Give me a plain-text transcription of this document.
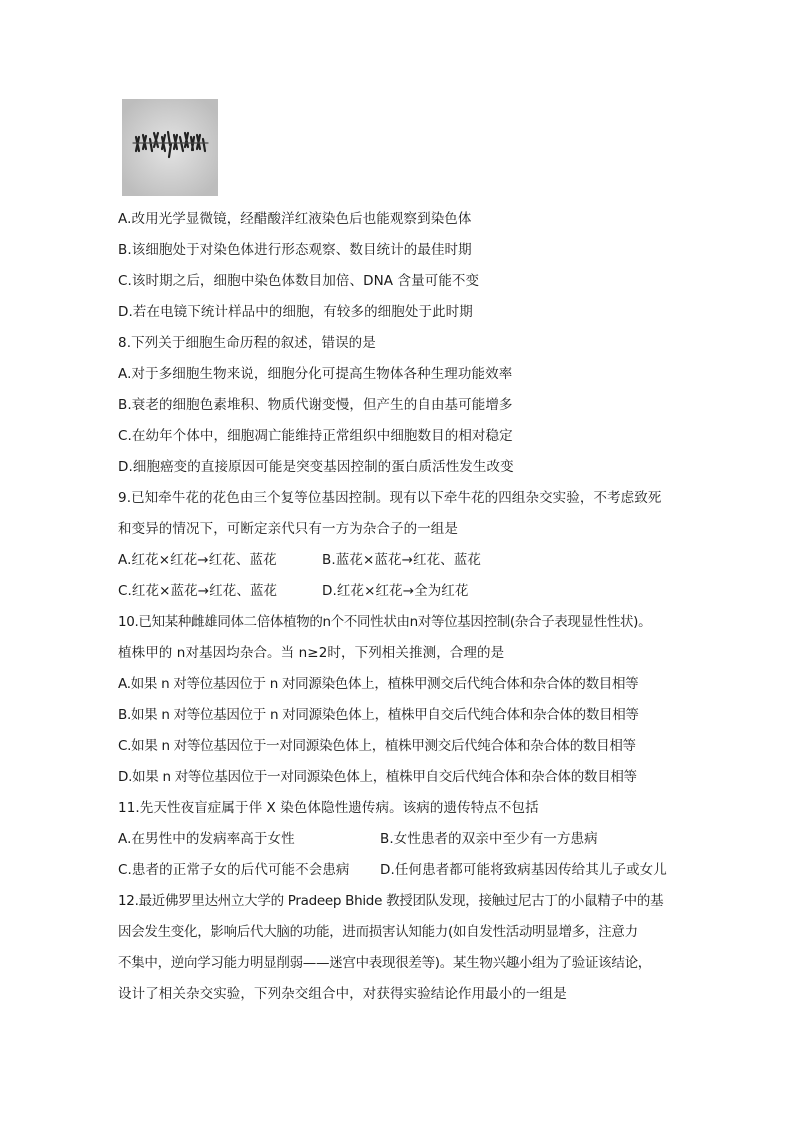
A.改用光学显微镜，经醋酸洋红液染色后也能观察到染色体
B.该细胞处于对染色体进行形态观察、数目统计的最佳时期
C.该时期之后，细胞中染色体数目加倍、DNA 含量可能不变
D.若在电镜下统计样品中的细胞，有较多的细胞处于此时期
8.下列关于细胞生命历程的叙述，错误的是
A.对于多细胞生物来说，细胞分化可提高生物体各种生理功能效率
B.衰老的细胞色素堆积、物质代谢变慢，但产生的自由基可能增多
C.在幼年个体中，细胞凋亡能维持正常组织中细胞数目的相对稳定
D.细胞癌变的直接原因可能是突变基因控制的蛋白质活性发生改变
9.已知牵牛花的花色由三个复等位基因控制。现有以下牵牛花的四组杂交实验，不考虑致死
和变异的情况下，可断定亲代只有一方为杂合子的一组是
A.红花×红花→红花、蓝花	B.蓝花×蓝花→红花、蓝花
C.红花×蓝花→红花、蓝花	D.红花×红花→全为红花
10.已知某种雌雄同体二倍体植物的n个不同性状由n对等位基因控制(杂合子表现显性性状)。
植株甲的 n对基因均杂合。当 n≥2时，下列相关推测，合理的是
A.如果 n 对等位基因位于 n 对同源染色体上，植株甲测交后代纯合体和杂合体的数目相等
B.如果 n 对等位基因位于 n 对同源染色体上，植株甲自交后代纯合体和杂合体的数目相等
C.如果 n 对等位基因位于一对同源染色体上，植株甲测交后代纯合体和杂合体的数目相等
D.如果 n 对等位基因位于一对同源染色体上，植株甲自交后代纯合体和杂合体的数目相等
11.先天性夜盲症属于伴 X 染色体隐性遗传病。该病的遗传特点不包括
A.在男性中的发病率高于女性	B.女性患者的双亲中至少有一方患病
C.患者的正常子女的后代可能不会患病	D.任何患者都可能将致病基因传给其儿子或女儿
12.最近佛罗里达州立大学的 Pradeep Bhide 教授团队发现，接触过尼古丁的小鼠精子中的基
因会发生变化，影响后代大脑的功能，进而损害认知能力(如自发性活动明显增多，注意力
不集中，逆向学习能力明显削弱——迷宫中表现很差等)。某生物兴趣小组为了验证该结论，
设计了相关杂交实验，下列杂交组合中，对获得实验结论作用最小的一组是
